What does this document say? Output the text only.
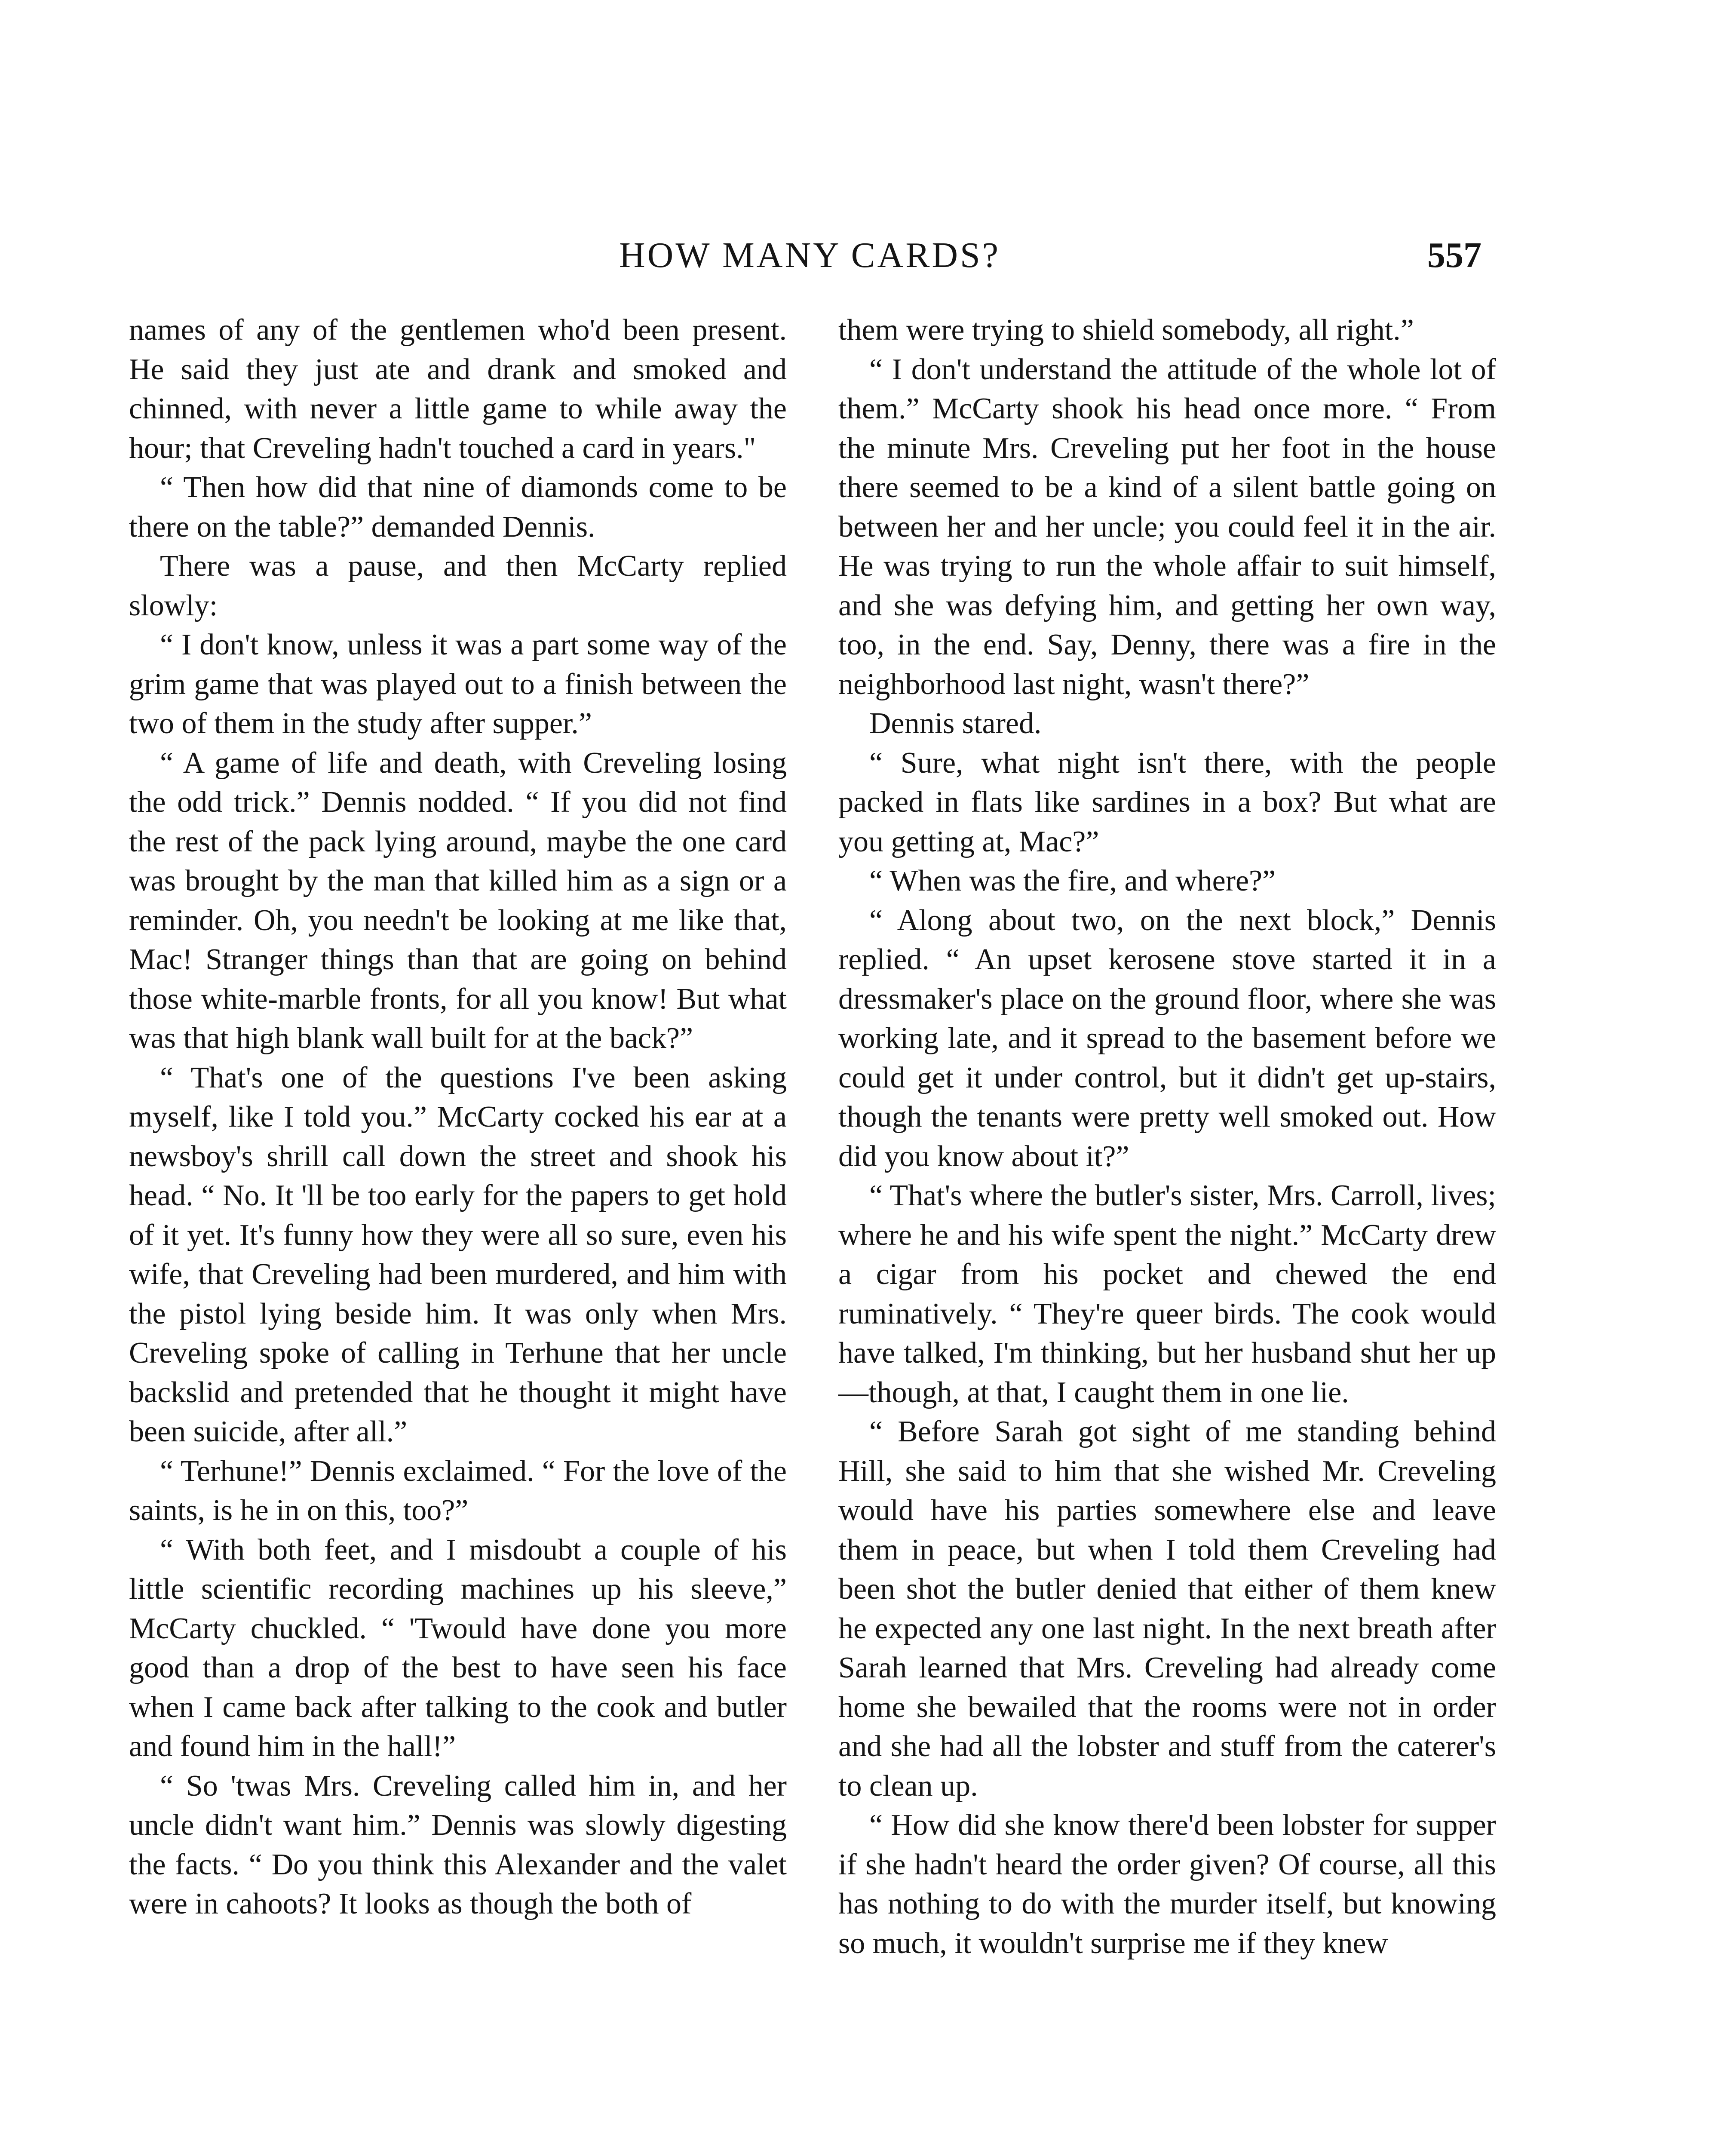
HOW MANY CARDS?	557

names of any of the gentlemen who'd been present. He said they just ate and drank and smoked and chinned, with never a little game to while away the hour; that Creveling hadn't touched a card in years."

“ Then how did that nine of diamonds come to be there on the table?” demanded Dennis.

There was a pause, and then McCarty replied slowly:

“ I don't know, unless it was a part some way of the grim game that was played out to a finish between the two of them in the study after supper.”

“ A game of life and death, with Creveling losing the odd trick.” Dennis nodded. “ If you did not find the rest of the pack lying around, maybe the one card was brought by the man that killed him as a sign or a reminder. Oh, you needn't be looking at me like that, Mac! Stranger things than that are going on behind those white-marble fronts, for all you know! But what was that high blank wall built for at the back?”

“ That's one of the questions I've been asking myself, like I told you.” McCarty cocked his ear at a newsboy's shrill call down the street and shook his head. “ No. It 'll be too early for the papers to get hold of it yet. It's funny how they were all so sure, even his wife, that Creveling had been murdered, and him with the pistol lying beside him. It was only when Mrs. Creveling spoke of calling in Terhune that her uncle backslid and pretended that he thought it might have been suicide, after all.”

“ Terhune!” Dennis exclaimed. “ For the love of the saints, is he in on this, too?”

“ With both feet, and I misdoubt a couple of his little scientific recording machines up his sleeve,” McCarty chuckled. “ 'Twould have done you more good than a drop of the best to have seen his face when I came back after talking to the cook and butler and found him in the hall!”

“ So 'twas Mrs. Creveling called him in, and her uncle didn't want him.” Dennis was slowly digesting the facts. “ Do you think this Alexander and the valet were in cahoots? It looks as though the both of

them were trying to shield somebody, all right.”

“ I don't understand the attitude of the whole lot of them.” McCarty shook his head once more. “ From the minute Mrs. Creveling put her foot in the house there seemed to be a kind of a silent battle going on between her and her uncle; you could feel it in the air. He was trying to run the whole affair to suit himself, and she was defying him, and getting her own way, too, in the end. Say, Denny, there was a fire in the neighborhood last night, wasn't there?”

Dennis stared.

“ Sure, what night isn't there, with the people packed in flats like sardines in a box? But what are you getting at, Mac?”

“ When was the fire, and where?”

“ Along about two, on the next block,” Dennis replied. “ An upset kerosene stove started it in a dressmaker's place on the ground floor, where she was working late, and it spread to the basement before we could get it under control, but it didn't get up-stairs, though the tenants were pretty well smoked out. How did you know about it?”

“ That's where the butler's sister, Mrs. Carroll, lives; where he and his wife spent the night.” McCarty drew a cigar from his pocket and chewed the end ruminatively. “ They're queer birds. The cook would have talked, I'm thinking, but her husband shut her up—though, at that, I caught them in one lie.

“ Before Sarah got sight of me standing behind Hill, she said to him that she wished Mr. Creveling would have his parties somewhere else and leave them in peace, but when I told them Creveling had been shot the butler denied that either of them knew he expected any one last night. In the next breath after Sarah learned that Mrs. Creveling had already come home she bewailed that the rooms were not in order and she had all the lobster and stuff from the caterer's to clean up.

“ How did she know there'd been lobster for supper if she hadn't heard the order given? Of course, all this has nothing to do with the murder itself, but knowing so much, it wouldn't surprise me if they knew
